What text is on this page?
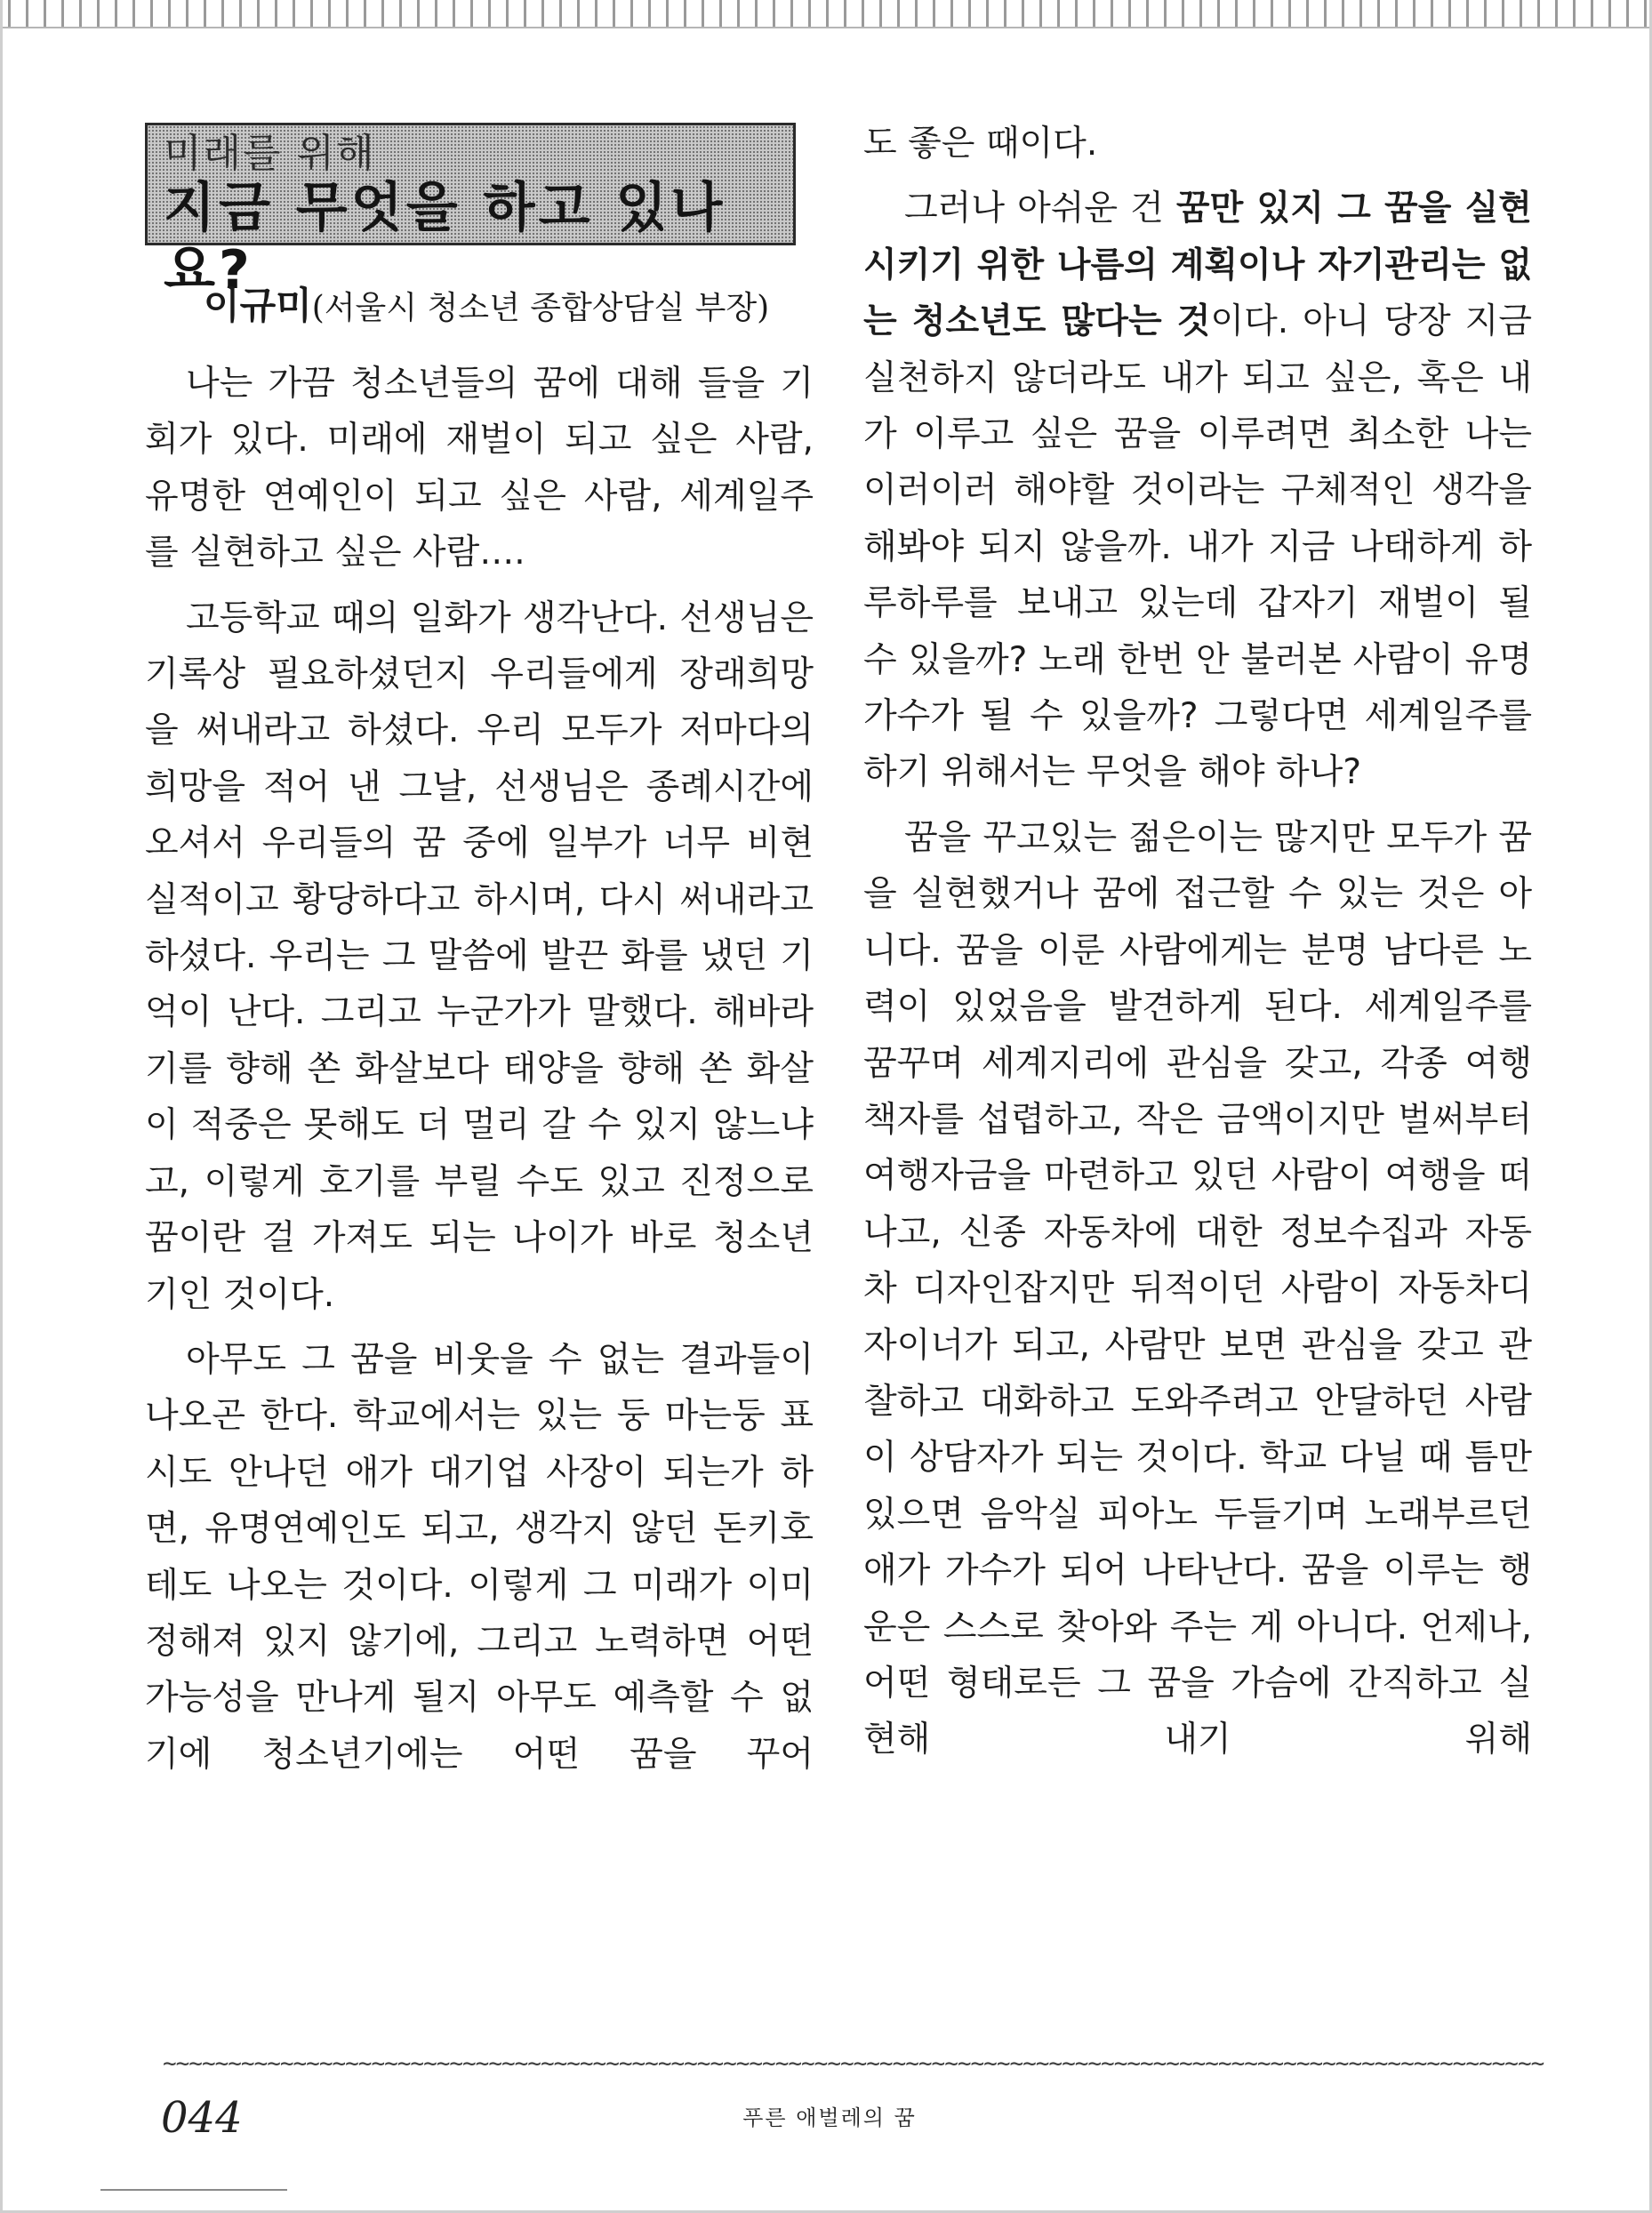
미래를 위해
지금 무엇을 하고 있나요?
이규미(서울시 청소년 종합상담실 부장)

나는 가끔 청소년들의 꿈에 대해 들을 기회가 있다. 미래에 재벌이 되고 싶은 사람, 유명한 연예인이 되고 싶은 사람, 세계일주를 실현하고 싶은 사람….

고등학교 때의 일화가 생각난다. 선생님은 기록상 필요하셨던지 우리들에게 장래희망을 써내라고 하셨다. 우리 모두가 저마다의 희망을 적어 낸 그날, 선생님은 종례시간에 오셔서 우리들의 꿈 중에 일부가 너무 비현실적이고 황당하다고 하시며, 다시 써내라고 하셨다. 우리는 그 말씀에 발끈 화를 냈던 기억이 난다. 그리고 누군가가 말했다. 해바라기를 향해 쏜 화살보다 태양을 향해 쏜 화살이 적중은 못해도 더 멀리 갈 수 있지 않느냐고, 이렇게 호기를 부릴 수도 있고 진정으로 꿈이란 걸 가져도 되는 나이가 바로 청소년기인 것이다.

아무도 그 꿈을 비웃을 수 없는 결과들이 나오곤 한다. 학교에서는 있는 둥 마는둥 표시도 안나던 애가 대기업 사장이 되는가 하면, 유명연예인도 되고, 생각지 않던 돈키호테도 나오는 것이다. 이렇게 그 미래가 이미 정해져 있지 않기에, 그리고 노력하면 어떤 가능성을 만나게 될지 아무도 예측할 수 없기에 청소년기에는 어떤 꿈을 꾸어

도 좋은 때이다.

그러나 아쉬운 건 꿈만 있지 그 꿈을 실현시키기 위한 나름의 계획이나 자기관리는 없는 청소년도 많다는 것이다. 아니 당장 지금 실천하지 않더라도 내가 되고 싶은, 혹은 내가 이루고 싶은 꿈을 이루려면 최소한 나는 이러이러 해야할 것이라는 구체적인 생각을 해봐야 되지 않을까. 내가 지금 나태하게 하루하루를 보내고 있는데 갑자기 재벌이 될 수 있을까? 노래 한번 안 불러본 사람이 유명 가수가 될 수 있을까? 그렇다면 세계일주를 하기 위해서는 무엇을 해야 하나?

꿈을 꾸고있는 젊은이는 많지만 모두가 꿈을 실현했거나 꿈에 접근할 수 있는 것은 아니다. 꿈을 이룬 사람에게는 분명 남다른 노력이 있었음을 발견하게 된다. 세계일주를 꿈꾸며 세계지리에 관심을 갖고, 각종 여행책자를 섭렵하고, 작은 금액이지만 벌써부터 여행자금을 마련하고 있던 사람이 여행을 떠나고, 신종 자동차에 대한 정보수집과 자동차 디자인잡지만 뒤적이던 사람이 자동차디자이너가 되고, 사람만 보면 관심을 갖고 관찰하고 대화하고 도와주려고 안달하던 사람이 상담자가 되는 것이다. 학교 다닐 때 틈만 있으면 음악실 피아노 두들기며 노래부르던 애가 가수가 되어 나타난다. 꿈을 이루는 행운은 스스로 찾아와 주는 게 아니다. 언제나, 어떤 형태로든 그 꿈을 가슴에 간직하고 실현해 내기 위해

~~~~~~~~~~~~~~~~~~~~~~~~~~~~~~~~~~~~~~~~~~~~~~~~~~~~~~~~~~~~~~~~~~~~~~~~~~~~~~~~~~~~~~~~~~~~~~~~~~~~~~~~~~
044	푸른 애벌레의 꿈
